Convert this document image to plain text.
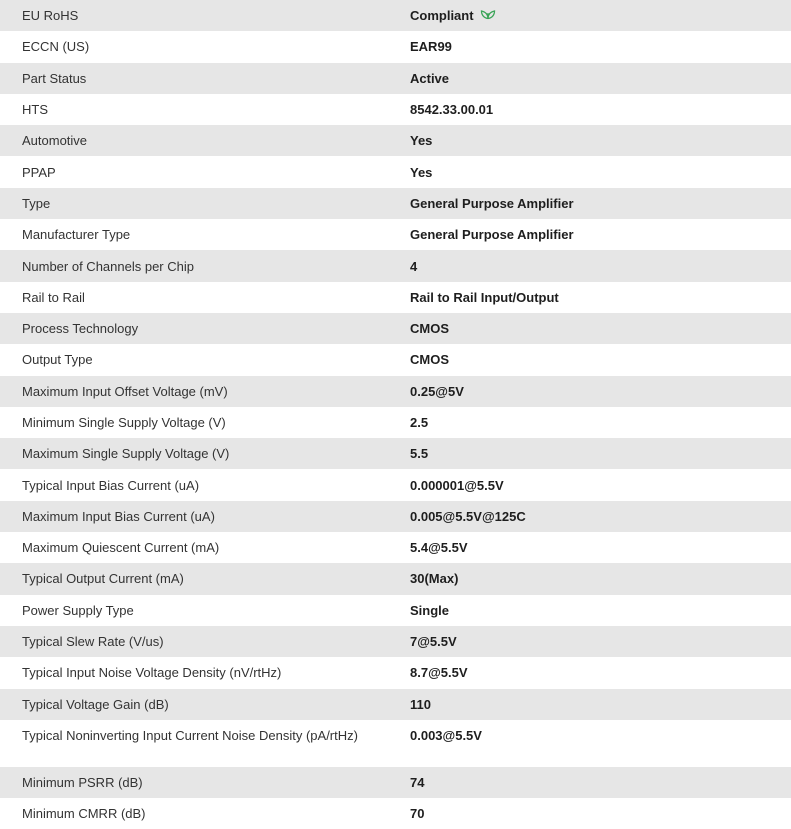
EU RoHS	Compliant
ECCN (US)	EAR99
Part Status	Active
HTS	8542.33.00.01
Automotive	Yes
PPAP	Yes
Type	General Purpose Amplifier
Manufacturer Type	General Purpose Amplifier
Number of Channels per Chip	4
Rail to Rail	Rail to Rail Input/Output
Process Technology	CMOS
Output Type	CMOS
Maximum Input Offset Voltage (mV)	0.25@5V
Minimum Single Supply Voltage (V)	2.5
Maximum Single Supply Voltage (V)	5.5
Typical Input Bias Current (uA)	0.000001@5.5V
Maximum Input Bias Current (uA)	0.005@5.5V@125C
Maximum Quiescent Current (mA)	5.4@5.5V
Typical Output Current (mA)	30(Max)
Power Supply Type	Single
Typical Slew Rate (V/us)	7@5.5V
Typical Input Noise Voltage Density (nV/rtHz)	8.7@5.5V
Typical Voltage Gain (dB)	110
Typical Noninverting Input Current Noise Density (pA/rtHz)	0.003@5.5V
Minimum PSRR (dB)	74
Minimum CMRR (dB)	70
